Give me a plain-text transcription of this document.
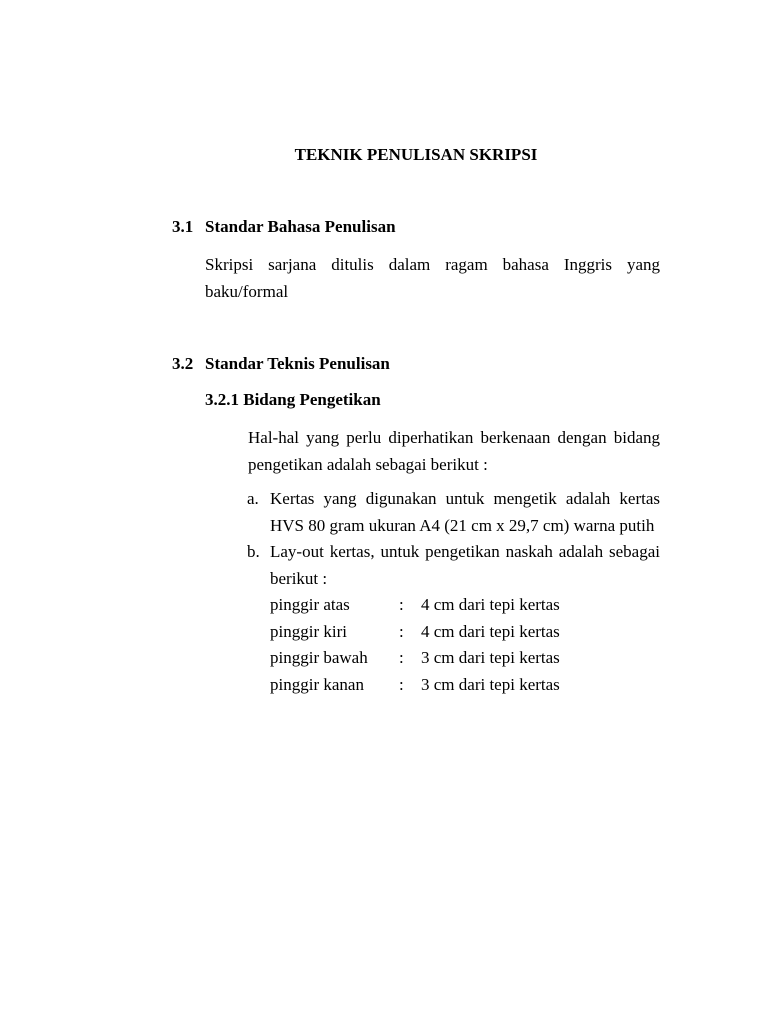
TEKNIK PENULISAN SKRIPSI
3.1 Standar Bahasa Penulisan
Skripsi sarjana ditulis dalam ragam bahasa Inggris yang baku/formal
3.2 Standar Teknis Penulisan
3.2.1 Bidang Pengetikan
Hal-hal yang perlu diperhatikan berkenaan dengan bidang pengetikan adalah sebagai berikut :
a. Kertas yang digunakan untuk mengetik adalah kertas HVS 80 gram ukuran A4 (21 cm x 29,7 cm) warna putih
b. Lay-out kertas, untuk pengetikan naskah adalah sebagai berikut :
pinggir atas	:	4 cm dari tepi kertas
pinggir kiri	:	4 cm dari tepi kertas
pinggir bawah	:	3 cm dari tepi kertas
pinggir kanan	:	3 cm dari tepi kertas
